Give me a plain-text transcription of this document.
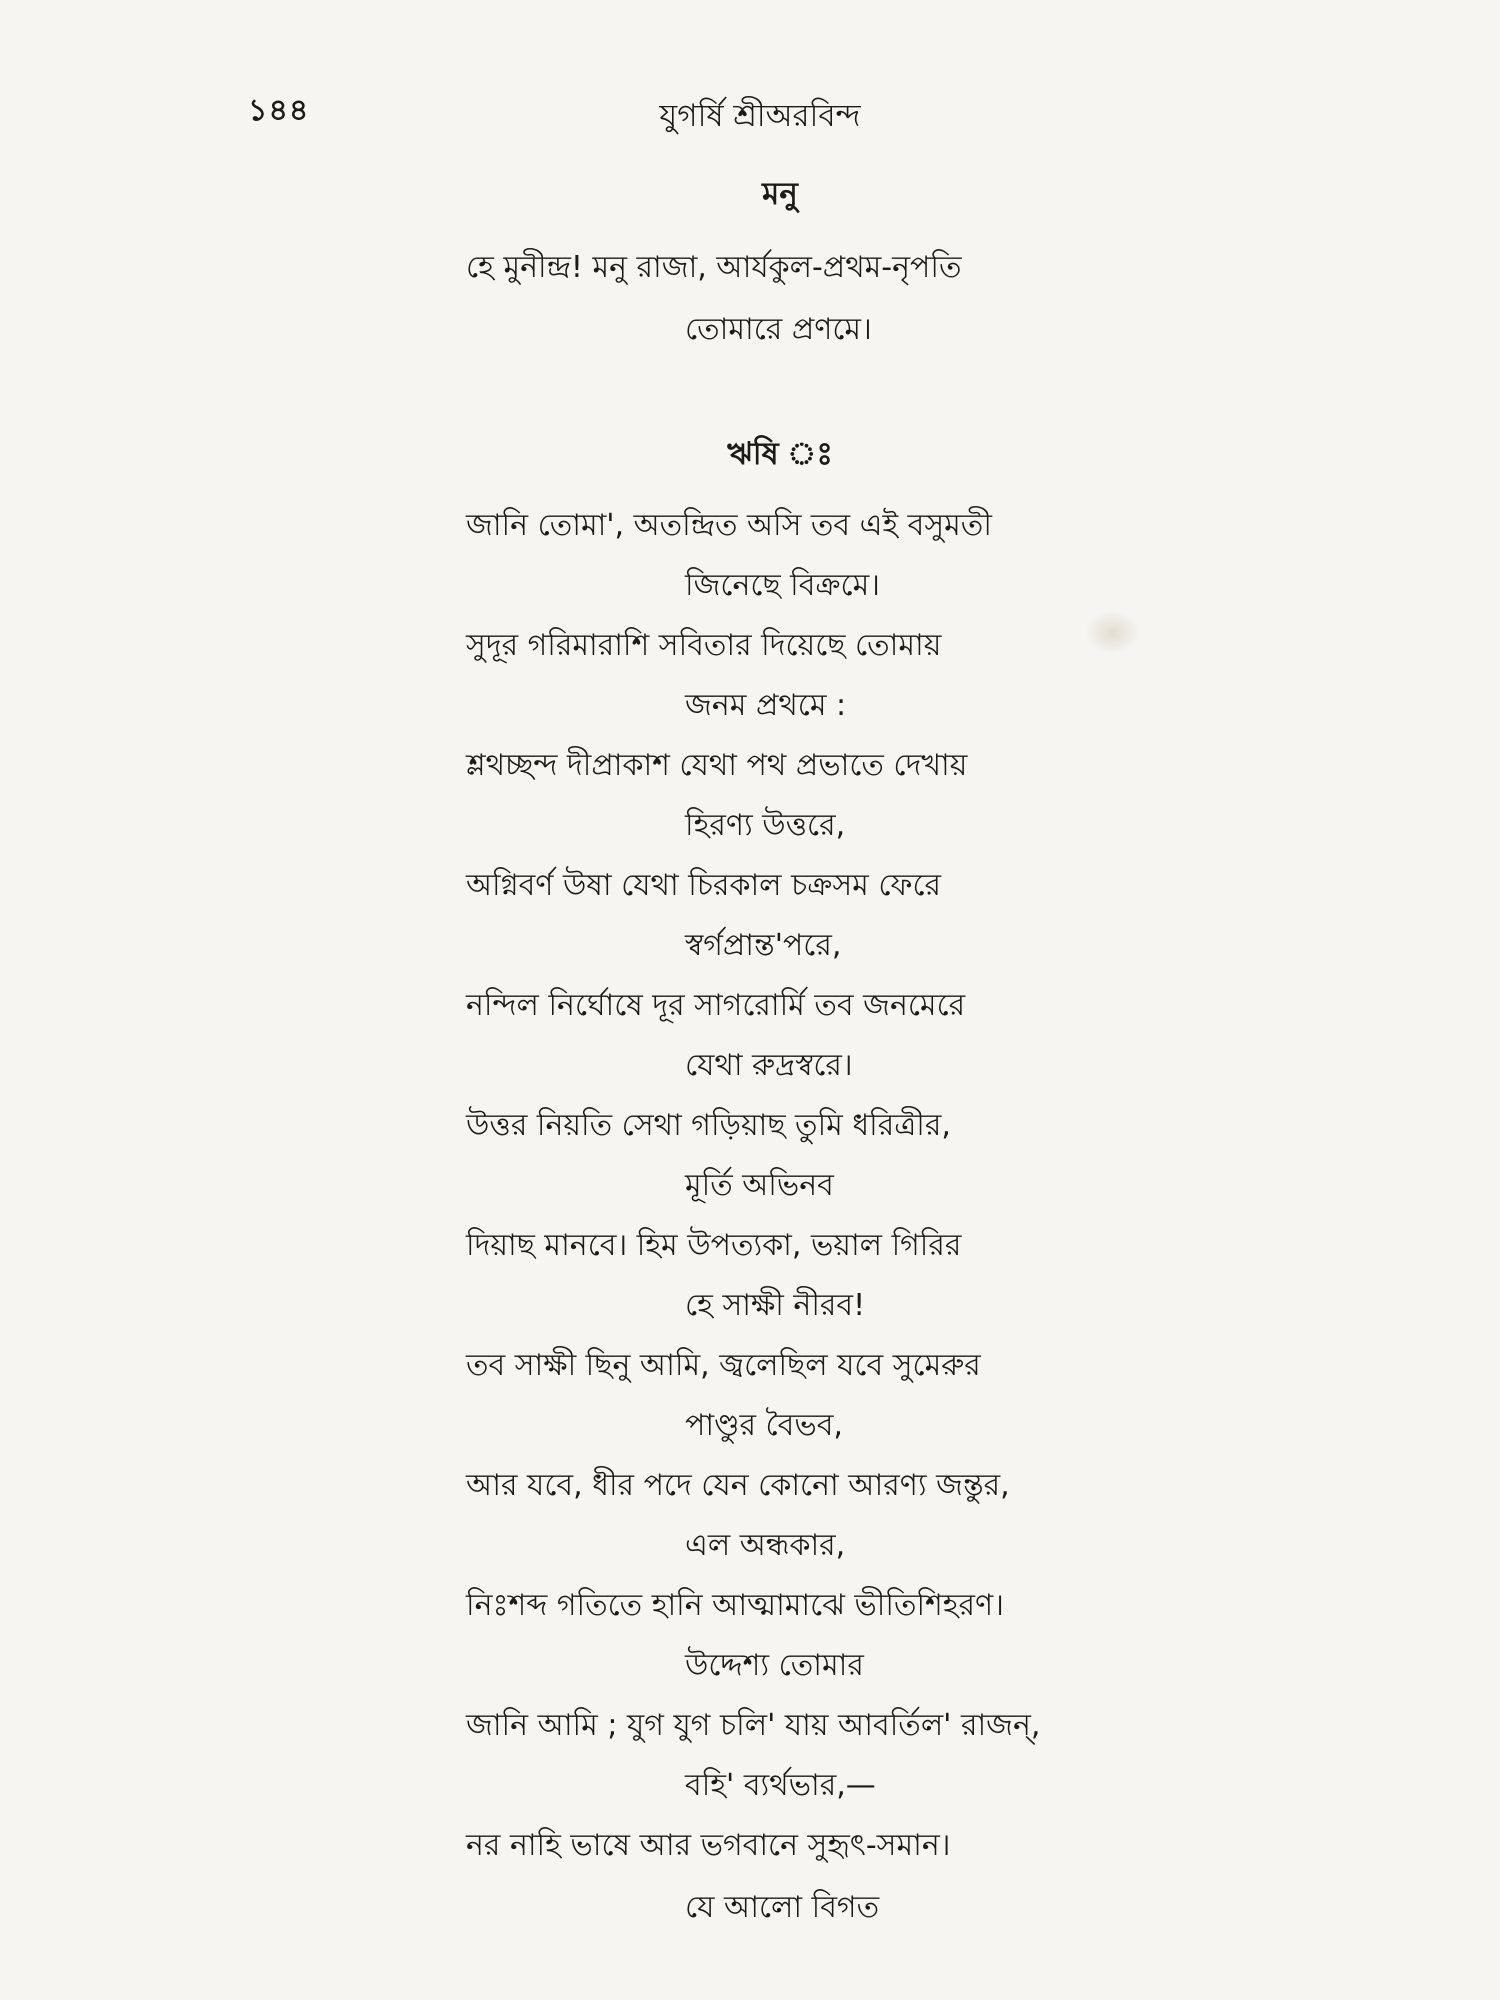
১৪৪	যুগর্ষি শ্রীঅরবিন্দ
মনু
হে মুনীন্দ্র! মনু রাজা, আর্যকুল-প্রথম-নৃপতি
তোমারে প্রণমে।
ঋষি ঃ
জানি তোমা', অতন্দ্রিত অসি তব এই বসুমতী
জিনেছে বিক্রমে।
সুদূর গরিমারাশি সবিতার দিয়েছে তোমায়
জনম প্রথমে :
শ্লথচ্ছন্দ দীপ্রাকাশ যেথা পথ প্রভাতে দেখায়
হিরণ্য উত্তরে,
অগ্নিবর্ণ উষা যেথা চিরকাল চক্রসম ফেরে
স্বর্গপ্রান্ত'পরে,
নন্দিল নির্ঘোষে দূর সাগরোর্মি তব জনমেরে
যেথা রুদ্রস্বরে।
উত্তর নিয়তি সেথা গড়িয়াছ তুমি ধরিত্রীর,
মূর্তি অভিনব
দিয়াছ মানবে। হিম উপত্যকা, ভয়াল গিরির
হে সাক্ষী নীরব!
তব সাক্ষী ছিনু আমি, জ্বলেছিল যবে সুমেরুর
পাণ্ডুর বৈভব,
আর যবে, ধীর পদে যেন কোনো আরণ্য জন্তুর,
এল অন্ধকার,
নিঃশব্দ গতিতে হানি আত্মামাঝে ভীতিশিহরণ।
উদ্দেশ্য তোমার
জানি আমি ; যুগ যুগ চলি' যায় আবর্তিল' রাজন্,
বহি' ব্যর্থভার,—
নর নাহি ভাষে আর ভগবানে সুহৃৎ-সমান।
যে আলো বিগত
